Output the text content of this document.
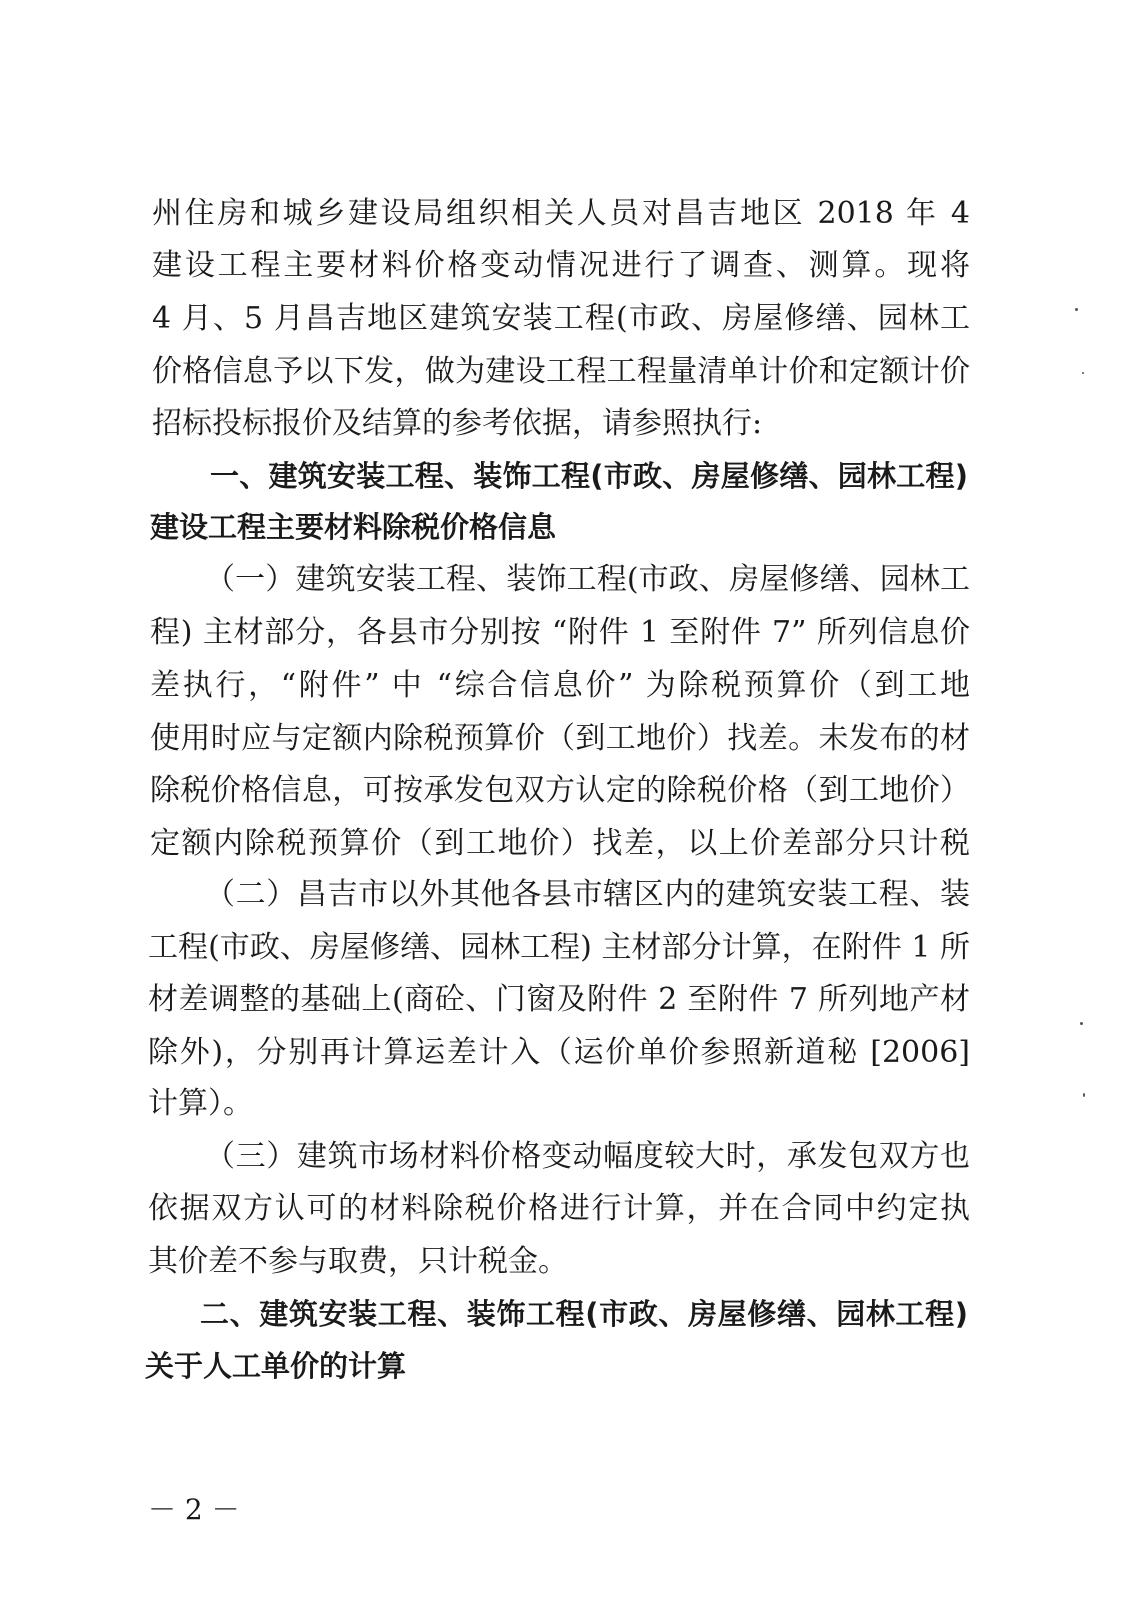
州住房和城乡建设局组织相关人员对昌吉地区 2018 年 4
建设工程主要材料价格变动情况进行了调查、测算。现将
4 月、5 月昌吉地区建筑安装工程(市政、房屋修缮、园林工
价格信息予以下发，做为建设工程工程量清单计价和定额计价
招标投标报价及结算的参考依据，请参照执行:
一、建筑安装工程、装饰工程(市政、房屋修缮、园林工程)
建设工程主要材料除税价格信息
（一）建筑安装工程、装饰工程(市政、房屋修缮、园林工
程) 主材部分，各县市分别按 “附件 1 至附件 7” 所列信息价
差执行，“附件” 中 “综合信息价” 为除税预算价（到工地
使用时应与定额内除税预算价（到工地价）找差。未发布的材
除税价格信息，可按承发包双方认定的除税价格（到工地价）
定额内除税预算价（到工地价）找差，以上价差部分只计税
（二）昌吉市以外其他各县市辖区内的建筑安装工程、装
工程(市政、房屋修缮、园林工程) 主材部分计算，在附件 1 所
材差调整的基础上(商砼、门窗及附件 2 至附件 7 所列地产材
除外)，分别再计算运差计入（运价单价参照新道秘 [2006]
计算）。
（三）建筑市场材料价格变动幅度较大时，承发包双方也
依据双方认可的材料除税价格进行计算，并在合同中约定执
其价差不参与取费，只计税金。
二、建筑安装工程、装饰工程(市政、房屋修缮、园林工程)
关于人工单价的计算
－ 2 －
